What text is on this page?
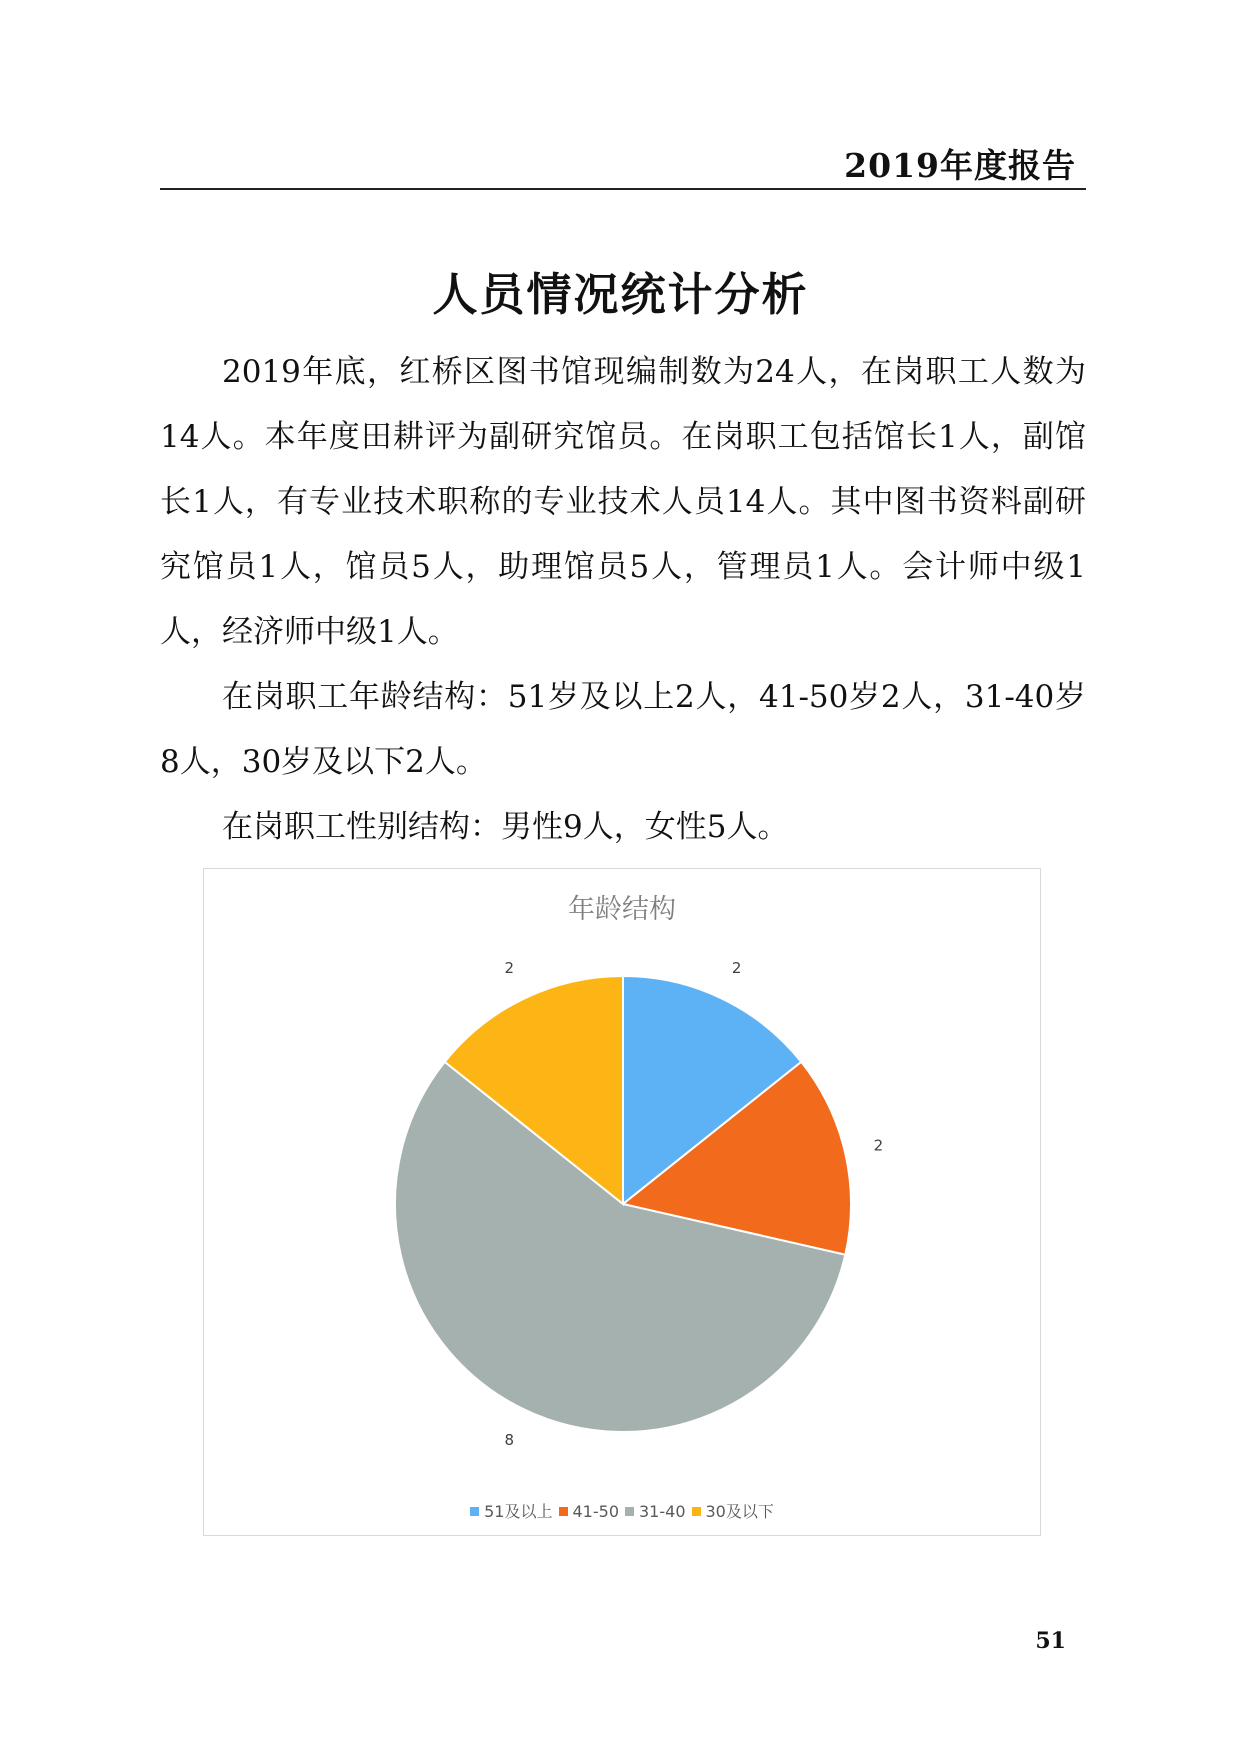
2019年度报告
人员情况统计分析

2019年底，红桥区图书馆现编制数为24人，在岗职工人数为14人。本年度田耕评为副研究馆员。在岗职工包括馆长1人，副馆长1人，有专业技术职称的专业技术人员14人。其中图书资料副研究馆员1人，馆员5人，助理馆员5人，管理员1人。会计师中级1人，经济师中级1人。

在岗职工年龄结构：51岁及以上2人，41-50岁2人，31-40岁8人，30岁及以下2人。

在岗职工性别结构：男性9人，女性5人。

年龄结构
2
2
8
2
51及以上 41-50 31-40 30及以下
51
